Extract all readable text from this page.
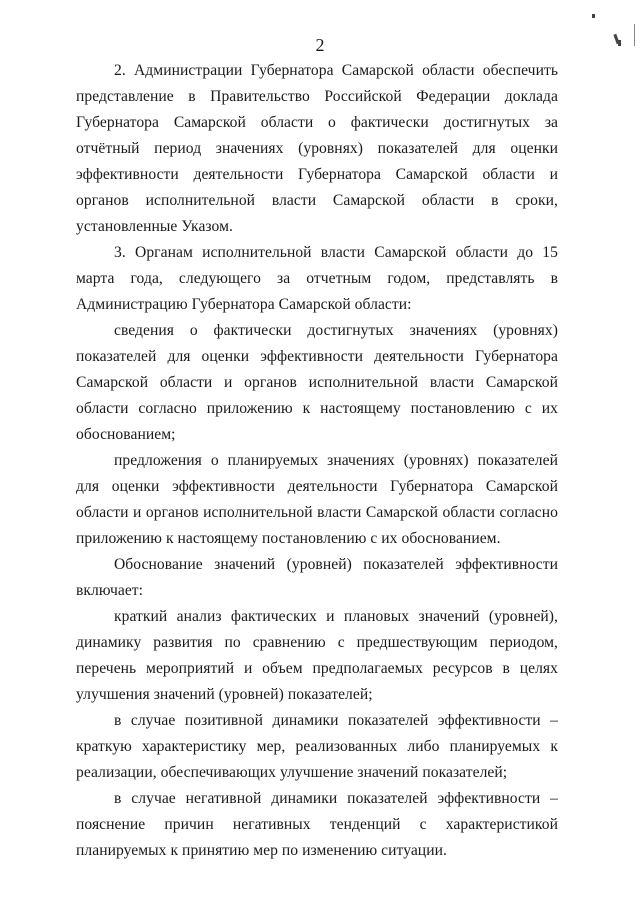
2

2. Администрации Губернатора Самарской области обеспечить представление в Правительство Российской Федерации доклада Губернатора Самарской области о фактически достигнутых за отчётный период значениях (уровнях) показателей для оценки эффективности деятельности Губернатора Самарской области и органов исполнительной власти Самарской области в сроки, установленные Указом.

3. Органам исполнительной власти Самарской области до 15 марта года, следующего за отчетным годом, представлять в Администрацию Губернатора Самарской области:

сведения о фактически достигнутых значениях (уровнях) показателей для оценки эффективности деятельности Губернатора Самарской области и органов исполнительной власти Самарской области согласно приложению к настоящему постановлению с их обоснованием;

предложения о планируемых значениях (уровнях) показателей для оценки эффективности деятельности Губернатора Самарской области и органов исполнительной власти Самарской области согласно приложению к настоящему постановлению с их обоснованием.

Обоснование значений (уровней) показателей эффективности включает:

краткий анализ фактических и плановых значений (уровней), динамику развития по сравнению с предшествующим периодом, перечень мероприятий и объем предполагаемых ресурсов в целях улучшения значений (уровней) показателей;

в случае позитивной динамики показателей эффективности – краткую характеристику мер, реализованных либо планируемых к реализации, обеспечивающих улучшение значений показателей;

в случае негативной динамики показателей эффективности – пояснение причин негативных тенденций с характеристикой планируемых к принятию мер по изменению ситуации.
